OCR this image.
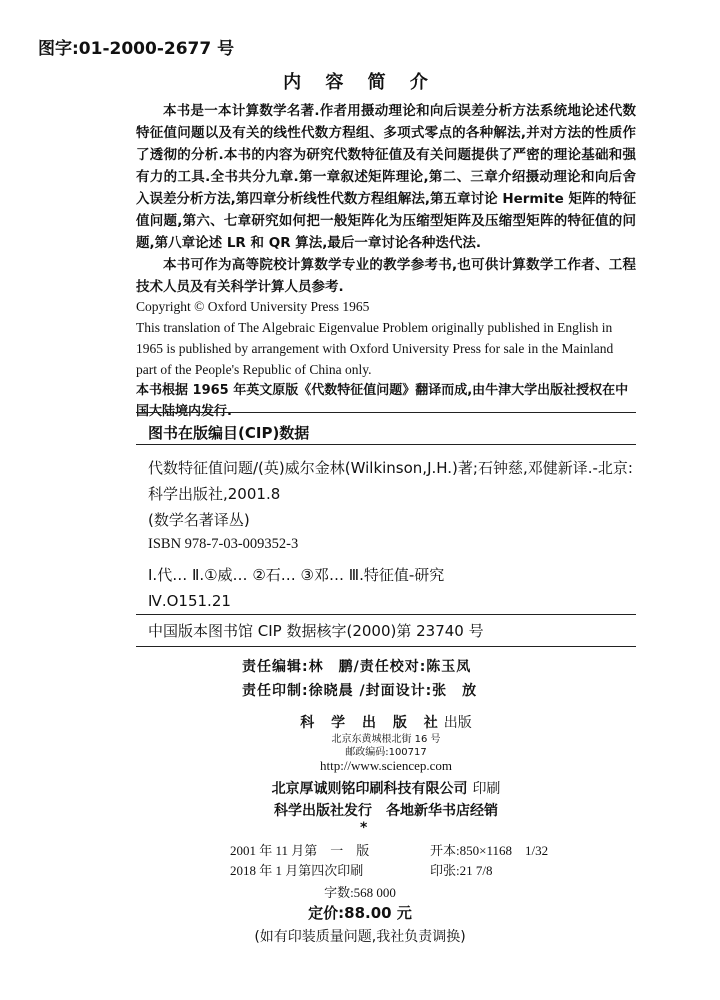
图字:01-2000-2677 号
内 容 简 介

本书是一本计算数学名著.作者用摄动理论和向后误差分析方法系统地论述代数特征值问题以及有关的线性代数方程组、多项式零点的各种解法,并对方法的性质作了透彻的分析.本书的内容为研究代数特征值及有关问题提供了严密的理论基础和强有力的工具.全书共分九章.第一章叙述矩阵理论,第二、三章介绍摄动理论和向后舍入误差分析方法,第四章分析线性代数方程组解法,第五章讨论 Hermite 矩阵的特征值问题,第六、七章研究如何把一般矩阵化为压缩型矩阵及压缩型矩阵的特征值的问题,第八章论述 LR 和 QR 算法,最后一章讨论各种迭代法.

本书可作为高等院校计算数学专业的教学参考书,也可供计算数学工作者、工程技术人员及有关科学计算人员参考.

Copyright © Oxford University Press 1965
This translation of The Algebraic Eigenvalue Problem originally published in English in 1965 is published by arrangement with Oxford University Press for sale in the Mainland part of the People's Republic of China only.
本书根据 1965 年英文原版《代数特征值问题》翻译而成,由牛津大学出版社授权在中国大陆境内发行.
图书在版编目(CIP)数据
代数特征值问题/(英)威尔金林(Wilkinson,J.H.)著;石钟慈,邓健新译.-北京:科学出版社,2001.8
(数学名著译丛)
ISBN 978-7-03-009352-3
Ⅰ.代… Ⅱ.①威… ②石… ③邓… Ⅲ.特征值-研究
Ⅳ.O151.21
中国版本图书馆 CIP 数据核字(2000)第 23740 号
责任编辑:林　鹏/责任校对:陈玉凤
责任印制:徐晓晨 /封面设计:张　放
科 学 出 版 社出版
北京东黄城根北街 16 号
邮政编码:100717
http://www.sciencep.com
北京厚诚则铭印刷科技有限公司 印刷
科学出版社发行　各地新华书店经销
*
2001 年 11 月第　一　版	开本:850×1168　1/32
2018 年 1 月第四次印刷	印张:21 7/8
字数:568 000
定价:88.00 元
(如有印装质量问题,我社负责调换)
